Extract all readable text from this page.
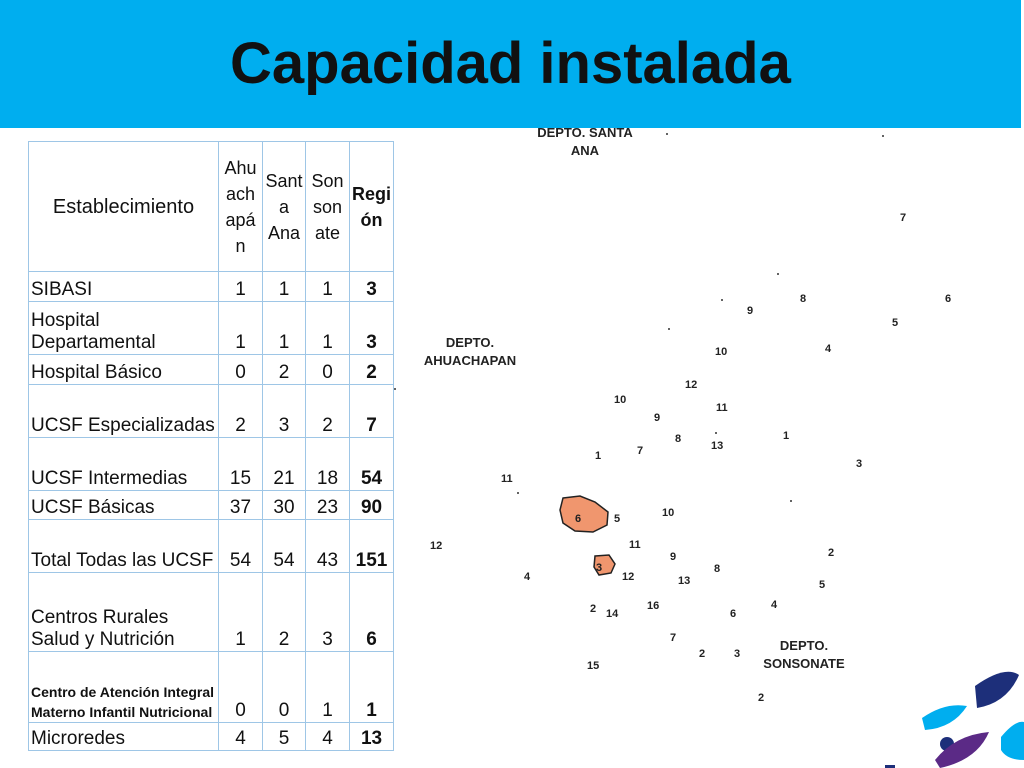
Capacidad instalada
Establecimiento	Ahu
ach
apá
n	Sant
a
Ana	Son
son
ate	Regi
ón
SIBASI	1	1	1	3
Hospital Departamental	1	1	1	3
Hospital Básico	0	2	0	2
UCSF Especializadas	2	3	2	7
UCSF Intermedias	15	21	18	54
UCSF Básicas	37	30	23	90
Total Todas las UCSF	54	54	43	151
Centros Rurales Salud y Nutrición	1	2	3	6
Centro de Atención Integral Materno Infantil Nutricional	0	0	1	1
Microredes	4	5	4	13
DEPTO. SANTA ANA
DEPTO. AHUACHAPAN
DEPTO. SONSONATE
7
8	6
9
5
4
10
12
10
11
9
8
13
1
7
1
3
11
6	5	10
12	11
9	2
8
4
3
12	13	5
4
2 14
16
6
7
2	3
15
2
